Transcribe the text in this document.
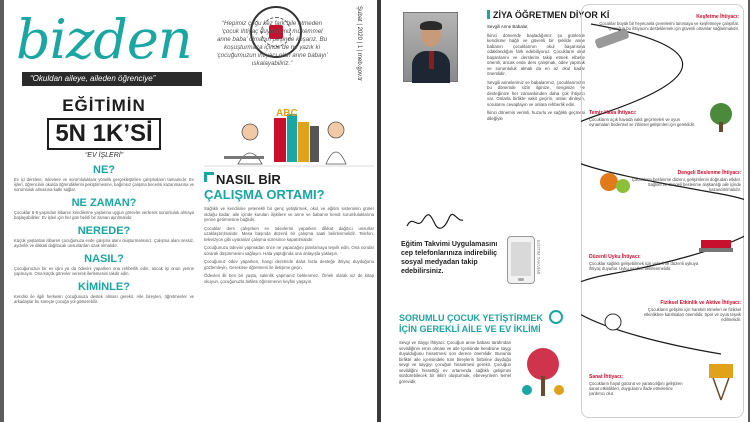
bizden
“Okuldan aileye, aileden öğrenciye”	Şubat | 2020 | 1 | meb.gov.tr
EĞİTİMİN
5N 1K’Sİ
“EV İŞLERİ”
NE?
Ev içi derslere, ödevlere ve sorumluluklara yönelik gerçekleştirilen çalışmaların tamamıdır. Ev işleri, öğrencinin okulda öğrendiklerini pekiştirmesine, bağımsız çalışma becerisi kazanmasına ve sorumluluk almasına katkı sağlar.
NE ZAMAN?
Çocuklar 6-8 yaşından itibaren kendilerine yaşlarına uygun görevler verilerek sorumluluk almaya başlayabilirler. Ev işleri için her gün belirli bir zaman ayrılmalıdır.
NEREDE?
Küçük yaşlardan itibaren çocuğunuza evde çalışma alanı oluşturmalısınız. Çalışma alanı sessiz, aydınlık ve dikkati dağıtacak unsurlardan uzak olmalıdır.
NASIL?
Çocuğunuzun bir ev işini ya da ödevini yaparken ona rehberlik edin, ancak işi onun yerine yapmayın. Ona küçük görevler vererek ilerlemesini takdir edin.
KİMİNLE?
Kendisi ile ilgili herkesin çocuğunuza destek olması gerekir. Aile bireyleri, öğretmenler ve arkadaşlar bu süreçte çocuğa yol gösterebilir.
“Hepimiz çoğu kez fark bile etmeden ‘çocuk ihtiyaç duyduğunu mükemmel anne baba’ olmanın peşinde koşarız. Bu koşuşturmaca içinde de ne yazık ki ‘çocuğumuzun ihtiyacı olan anne babayı’ ıskalayabiliriz.”
ABC
NASIL BİR
ÇALIŞMA ORTAMI?

Sağlıklı ve kendisine yetenekli bir genç yetiştirmek, okul ve eğitim sisteminin güner olduğu kadar, aile içinde kurulan ilişkilere ve anne ve babanın kendi sorumluluklarına yerine getirmesine bağlıdır.

Çocuklar ders çalışırken ev ödevlerini yaparken dikkat dağıtıcı unsurlar uzaklaştırılmalıdır. Masa başında düzenli bir çalışma saati belirlenmelidir. Telefon, televizyon gibi uyaranlar çalışma süresince kapatılmalıdır.

Çocuğunuzu ödevini yapmadan önce ne yapacağını planlamaya teşvik edin. Ona sorular sorarak düşünmesini sağlayın. Hata yaptığında ona anlayışla yaklaşın.

Çocuğunuz ödev yaparken, hangi derslerde daha fazla desteğe ihtiyaç duyduğunu gözlemleyin. Gerekirse öğretmeni ile iletişime geçin.

Ödevleri ilk ben bir yaşta, sakinlik yapmanız beklenmez. Örnek olarak siz de kitap okuyun, çocuğunuzla birlikte öğrenmenin keyfini yaşayın.

ZİYA ÖĞRETMEN DİYOR Kİ

Sevgili Anne Babalar,

İkinci dönemde başladığımız şu günlerde kendisine bağlı ve güvenli bir şekilde anne babanın çocuklarının okul başarısına odaklandığını fark edebiliyoruz. Çocukların okul başarılarını ve derslerini takip etmek elbette önemli; ancak evde ders çalışmak, ödev yapmak ve sorumluluk almak da en az okul kadar önemlidir.

Sevgili annelerimiz ve babalarımız, çocuklarımızın bu dönemde sizin ilginize, sevginize ve desteğinize her zamankinden daha çok ihtiyacı var. Onlarla birlikte vakit geçirin, onları dinleyin, sorularını cevaplayın ve onlara rehberlik edin.

İkinci dönemin verimli, huzurlu ve sağlıklı geçmesi dileğiyle

Eğitim Takvimi Uygulamasını cep telefonlarınıza indirebiliç sosyal medyadan takip edebilirsiniz.	EĞİTİM TAKVİMİ
SORUMLU ÇOCUK YETİŞTİRMEK
İÇİN GEREKLİ AİLE VE EV İKLİMİ
Sevgi ve Saygı İhtiyacı: Çocuğun anne babası tarafından sevildiğinin emin olması ve aile içerisinde kendisine saygı duyulduğunu hissetmesi son derece önemlidir. Bununla birlikte aile içerisindeki tüm bireylerin birbirine duyduğu sevgi ve saygıyı çocuğun hissetmesi gerekir. Çocuğun sevildiğini hissettiği ev ortamında sağlıklı gelişimini sürdürebilecek bir iklim oluşturmak, ebeveynlerin temel görevidir.
Keşfetme İhtiyacı:
Çocuklar büyük bir heyecanla çevrelerini tanımaya ve keşfetmeye çalışırlar. Çocuğun bu ihtiyacını desteklemek için güvenli ortamlar sağlanmalıdır.
Temiz Hava İhtiyacı:
Çocukların açık havada vakit geçirmeleri ve oyun oynamaları bedensel ve zihinsel gelişimleri için gereklidir.
Dengeli Beslenme İhtiyacı:
Çocukların beslenme düzeni, gelişimlerini doğrudan etkiler. Sağlıklı ve dengeli beslenme alışkanlığı aile içinde kazandırılmalıdır.
Düzenli Uyku İhtiyacı:
Çocuklar sağlıklı gelişebilmek için yeterli ve düzenli uykuya ihtiyaç duyarlar. Uyku saatleri belirlenmelidir.
Fiziksel Etkinlik ve Aktive İhtiyacı:
Çocukların gelişimi için hareket etmeleri ve fiziksel etkinliklere katılmaları önemlidir. Spor ve oyun teşvik edilmelidir.
Sanat İhtiyacı:
Çocukların hayal gücünü ve yaratıcılığını geliştiren sanat etkinlikleri, duygularını ifade etmelerine yardımcı olur.
